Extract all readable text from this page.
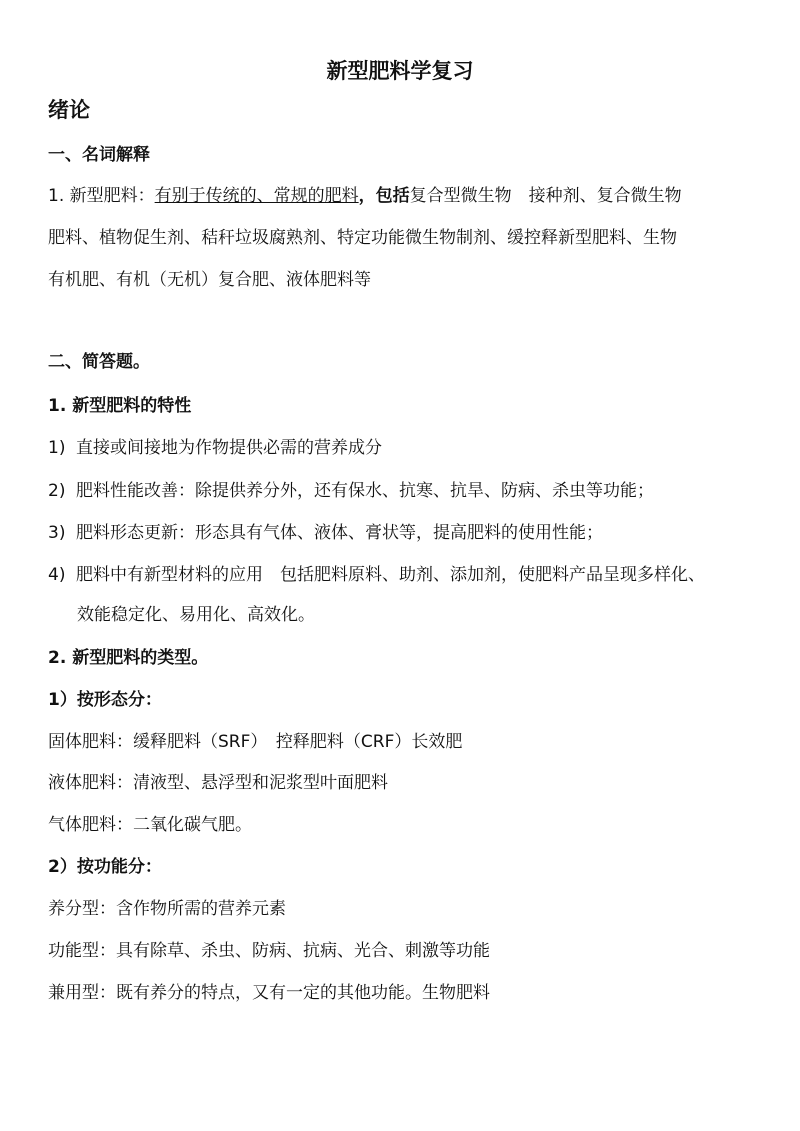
新型肥料学复习
绪论
一、名词解释
1. 新型肥料：有别于传统的、常规的肥料，包括复合型微生物　接种剂、复合微生物
肥料、植物促生剂、秸秆垃圾腐熟剂、特定功能微生物制剂、缓控释新型肥料、生物
有机肥、有机（无机）复合肥、液体肥料等
二、简答题。
1. 新型肥料的特性
1) 直接或间接地为作物提供必需的营养成分
2) 肥料性能改善：除提供养分外，还有保水、抗寒、抗旱、防病、杀虫等功能；
3) 肥料形态更新：形态具有气体、液体、膏状等，提高肥料的使用性能；
4) 肥料中有新型材料的应用　包括肥料原料、助剂、添加剂，使肥料产品呈现多样化、
效能稳定化、易用化、高效化。
2. 新型肥料的类型。
1）按形态分：
固体肥料：缓释肥料（SRF）　控释肥料（CRF）长效肥
液体肥料：清液型、悬浮型和泥浆型叶面肥料
气体肥料：二氧化碳气肥。
2）按功能分：
养分型：含作物所需的营养元素
功能型：具有除草、杀虫、防病、抗病、光合、刺激等功能
兼用型：既有养分的特点，又有一定的其他功能。生物肥料
